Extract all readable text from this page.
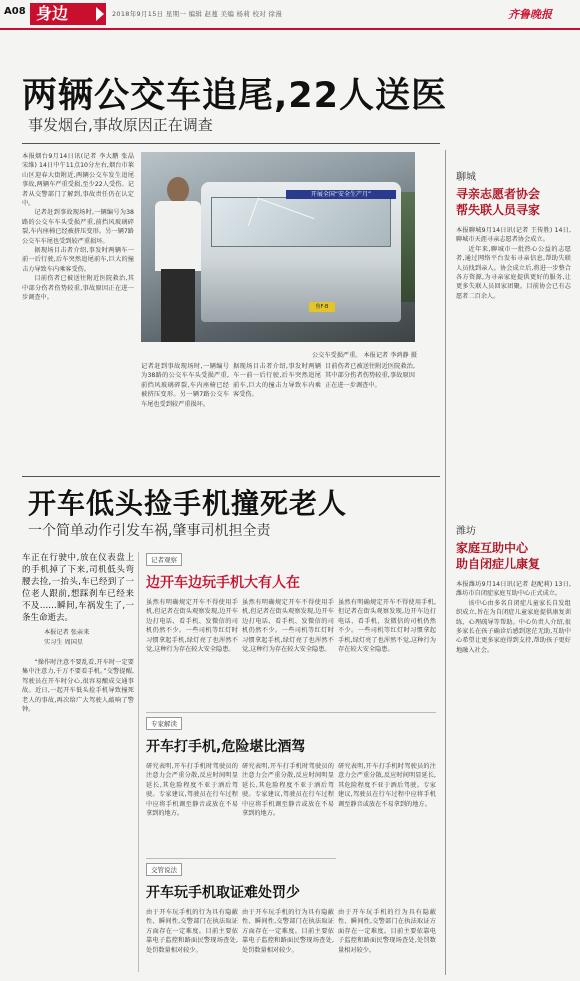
A08 身边	2018年9月15日 星期一 编辑 赵蔓 美编 杨莉 校对 徐漫	齐鲁晚报
两辆公交车追尾,22人送医
事发烟台,事故原因正在调查

本报烟台9月14日讯(记者 李大鹏 张晶 宋维) 14日中午11点10分左右,烟台市莱山区迎春大街附近,两辆公交车发生追尾事故,两辆车严重受损,至少22人受伤。记者从交警部门了解到,事故责任仍在认定中。

记者赶到事故现场时,一辆编号为38路的公交车车头受损严重,前挡风玻璃碎裂,车内座椅已经被挤压变形。另一辆7路公交车车尾也受到较严重损坏。

据现场目击者介绍,事发时两辆车一前一后行驶,后车突然追尾前车,巨大的撞击力导致车内乘客受伤。

目前伤者已被送往附近医院救治,其中部分伤者伤势较重,事故原因正在进一步调查中。

开展全国“安全生产月”
鲁F·B
公交车受损严重。 本报记者 李鸿静 摄

记者赶到事故现场时,一辆编号为38路的公交车车头受损严重,前挡风玻璃碎裂,车内座椅已经被挤压变形。另一辆7路公交车车尾也受到较严重损坏。

据现场目击者介绍,事发时两辆车一前一后行驶,后车突然追尾前车,巨大的撞击力导致车内乘客受伤。

目前伤者已被送往附近医院救治,其中部分伤者伤势较重,事故原因正在进一步调查中。

聊城
寻亲志愿者协会
帮失联人员寻家

本报聊城9月14日讯(记者 王传胜) 14日,聊城市天涯寻亲志愿者协会成立。

近年来,聊城市一批热心公益的志愿者,通过网络平台发布寻亲信息,帮助失联人员找到亲人。协会成立后,将进一步整合各方资源,为寻亲家庭提供更好的服务,让更多失联人员回家团聚。目前协会已有志愿者二百余人。

潍坊
家庭互助中心
助自闭症儿康复

本报潍坊9月14日讯(记者 赵配莉) 13日,潍坊市自闭症家庭互助中心正式成立。

该中心由多名自闭症儿童家长自发组织成立,旨在为自闭症儿童家庭提供康复训练、心理疏导等帮助。中心负责人介绍,很多家长在孩子确诊后感到迷茫无助,互助中心希望让更多家庭得到支持,帮助孩子更好地融入社会。

开车低头捡手机撞死老人
一个简单动作引发车祸,肇事司机担全责
车正在行驶中,放在仪表盘上的手机掉了下来,司机低头弯腰去捡,一抬头,车已经到了一位老人跟前,想踩刹车已经来不及……瞬间,车祸发生了,一条生命逝去。
本报记者 张亲来
实习生 周国星

“操作时注意不要乱看,开车时一定要集中注意力,千万不要看手机。”交警提醒,驾驶员在开车时分心,很容易酿成交通事故。近日,一起开车低头捡手机导致撞死老人的事故,再次给广大驾驶人敲响了警钟。

记者观察
边开车边玩手机大有人在

虽然有明确规定开车不得使用手机,但记者在街头观察发现,边开车边打电话、看手机、发微信的司机仍然不少。一些司机等红灯时习惯拿起手机,绿灯亮了也浑然不觉,这种行为存在较大安全隐患。

虽然有明确规定开车不得使用手机,但记者在街头观察发现,边开车边打电话、看手机、发微信的司机仍然不少。一些司机等红灯时习惯拿起手机,绿灯亮了也浑然不觉,这种行为存在较大安全隐患。

虽然有明确规定开车不得使用手机,但记者在街头观察发现,边开车边打电话、看手机、发微信的司机仍然不少。一些司机等红灯时习惯拿起手机,绿灯亮了也浑然不觉,这种行为存在较大安全隐患。

专家解读
开车打手机,危险堪比酒驾

研究表明,开车打手机时驾驶员的注意力会严重分散,反应时间明显延长,其危险程度不亚于酒后驾驶。专家建议,驾驶员在行车过程中应将手机调至静音或放在不易拿到的地方。

研究表明,开车打手机时驾驶员的注意力会严重分散,反应时间明显延长,其危险程度不亚于酒后驾驶。专家建议,驾驶员在行车过程中应将手机调至静音或放在不易拿到的地方。

研究表明,开车打手机时驾驶员的注意力会严重分散,反应时间明显延长,其危险程度不亚于酒后驾驶。专家建议,驾驶员在行车过程中应将手机调至静音或放在不易拿到的地方。

交管说法
开车玩手机取证难处罚少

由于开车玩手机的行为具有隐蔽性、瞬间性,交警部门在执法取证方面存在一定难度。目前主要依靠电子监控和路面民警现场查处,处罚数量相对较少。

由于开车玩手机的行为具有隐蔽性、瞬间性,交警部门在执法取证方面存在一定难度。目前主要依靠电子监控和路面民警现场查处,处罚数量相对较少。

由于开车玩手机的行为具有隐蔽性、瞬间性,交警部门在执法取证方面存在一定难度。目前主要依靠电子监控和路面民警现场查处,处罚数量相对较少。
